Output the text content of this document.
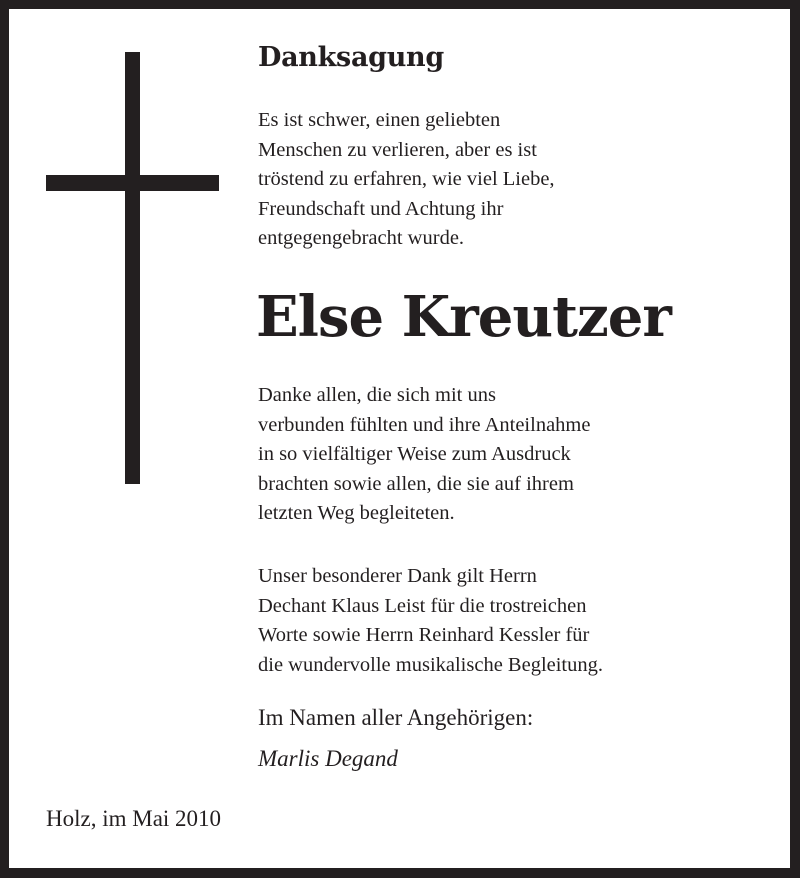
Danksagung
Es ist schwer, einen geliebten
Menschen zu verlieren, aber es ist
tröstend zu erfahren, wie viel Liebe,
Freundschaft und Achtung ihr
entgegengebracht wurde.
Else Kreutzer
Danke allen, die sich mit uns
verbunden fühlten und ihre Anteilnahme
in so vielfältiger Weise zum Ausdruck
brachten sowie allen, die sie auf ihrem
letzten Weg begleiteten.
Unser besonderer Dank gilt Herrn
Dechant Klaus Leist für die trostreichen
Worte sowie Herrn Reinhard Kessler für
die wundervolle musikalische Begleitung.
Im Namen aller Angehörigen:
Marlis Degand
Holz, im Mai 2010
